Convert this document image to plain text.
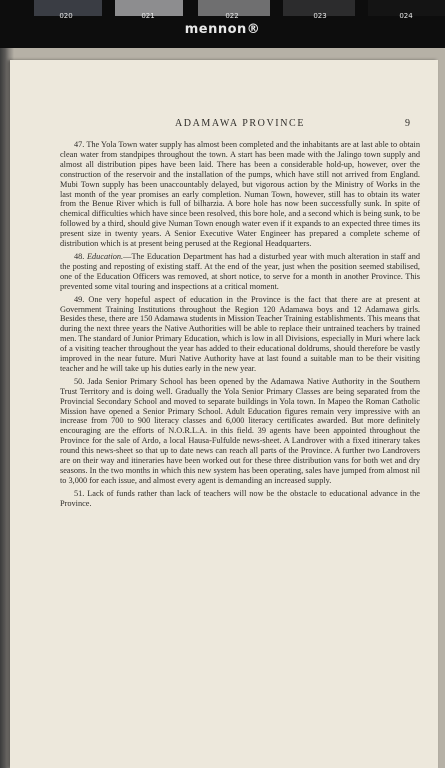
020	021	022	023	024
mennon®
ADAMAWA PROVINCE	9

47. The Yola Town water supply has almost been completed and the inhabitants are at last able to obtain clean water from standpipes throughout the town. A start has been made with the Jalingo town supply and almost all distribution pipes have been laid. There has been a considerable hold-up, however, over the construction of the reservoir and the installation of the pumps, which have still not arrived from England. Mubi Town supply has been unaccountably delayed, but vigorous action by the Ministry of Works in the last month of the year promises an early completion. Numan Town, however, still has to obtain its water from the Benue River which is full of bilharzia. A bore hole has now been successfully sunk. In spite of chemical difficulties which have since been resolved, this bore hole, and a second which is being sunk, to be followed by a third, should give Numan Town enough water even if it expands to an expected three times its present size in twenty years. A Senior Executive Water Engineer has prepared a complete scheme of distribution which is at present being perused at the Regional Headquarters.

48. Education.—The Education Department has had a disturbed year with much alteration in staff and the posting and reposting of existing staff. At the end of the year, just when the position seemed stabilised, one of the Education Officers was removed, at short notice, to serve for a month in another Province. This prevented some vital touring and inspections at a critical moment.

49. One very hopeful aspect of education in the Province is the fact that there are at present at Government Training Institutions throughout the Region 120 Adamawa boys and 12 Adamawa girls. Besides these, there are 150 Adamawa students in Mission Teacher Training establishments. This means that during the next three years the Native Authorities will be able to replace their untrained teachers by trained men. The standard of Junior Primary Education, which is low in all Divisions, especially in Muri where lack of a visiting teacher throughout the year has added to their educational doldrums, should therefore be vastly improved in the near future. Muri Native Authority have at last found a suitable man to be their visiting teacher and he will take up his duties early in the new year.

50. Jada Senior Primary School has been opened by the Adamawa Native Authority in the Southern Trust Territory and is doing well. Gradually the Yola Senior Primary Classes are being separated from the Provincial Secondary School and moved to separate buildings in Yola town. In Mapeo the Roman Catholic Mission have opened a Senior Primary School. Adult Education figures remain very impressive with an increase from 700 to 900 literacy classes and 6,000 literacy certificates awarded. But more definitely encouraging are the efforts of N.O.R.L.A. in this field. 39 agents have been appointed throughout the Province for the sale of Ardo, a local Hausa-Fulfulde news-sheet. A Landrover with a fixed itinerary takes round this news-sheet so that up to date news can reach all parts of the Province. A further two Landrovers are on their way and itineraries have been worked out for these three distribution vans for both wet and dry seasons. In the two months in which this new system has been operating, sales have jumped from almost nil to 3,000 for each issue, and almost every agent is demanding an increased supply.

51. Lack of funds rather than lack of teachers will now be the obstacle to educational advance in the Province.
